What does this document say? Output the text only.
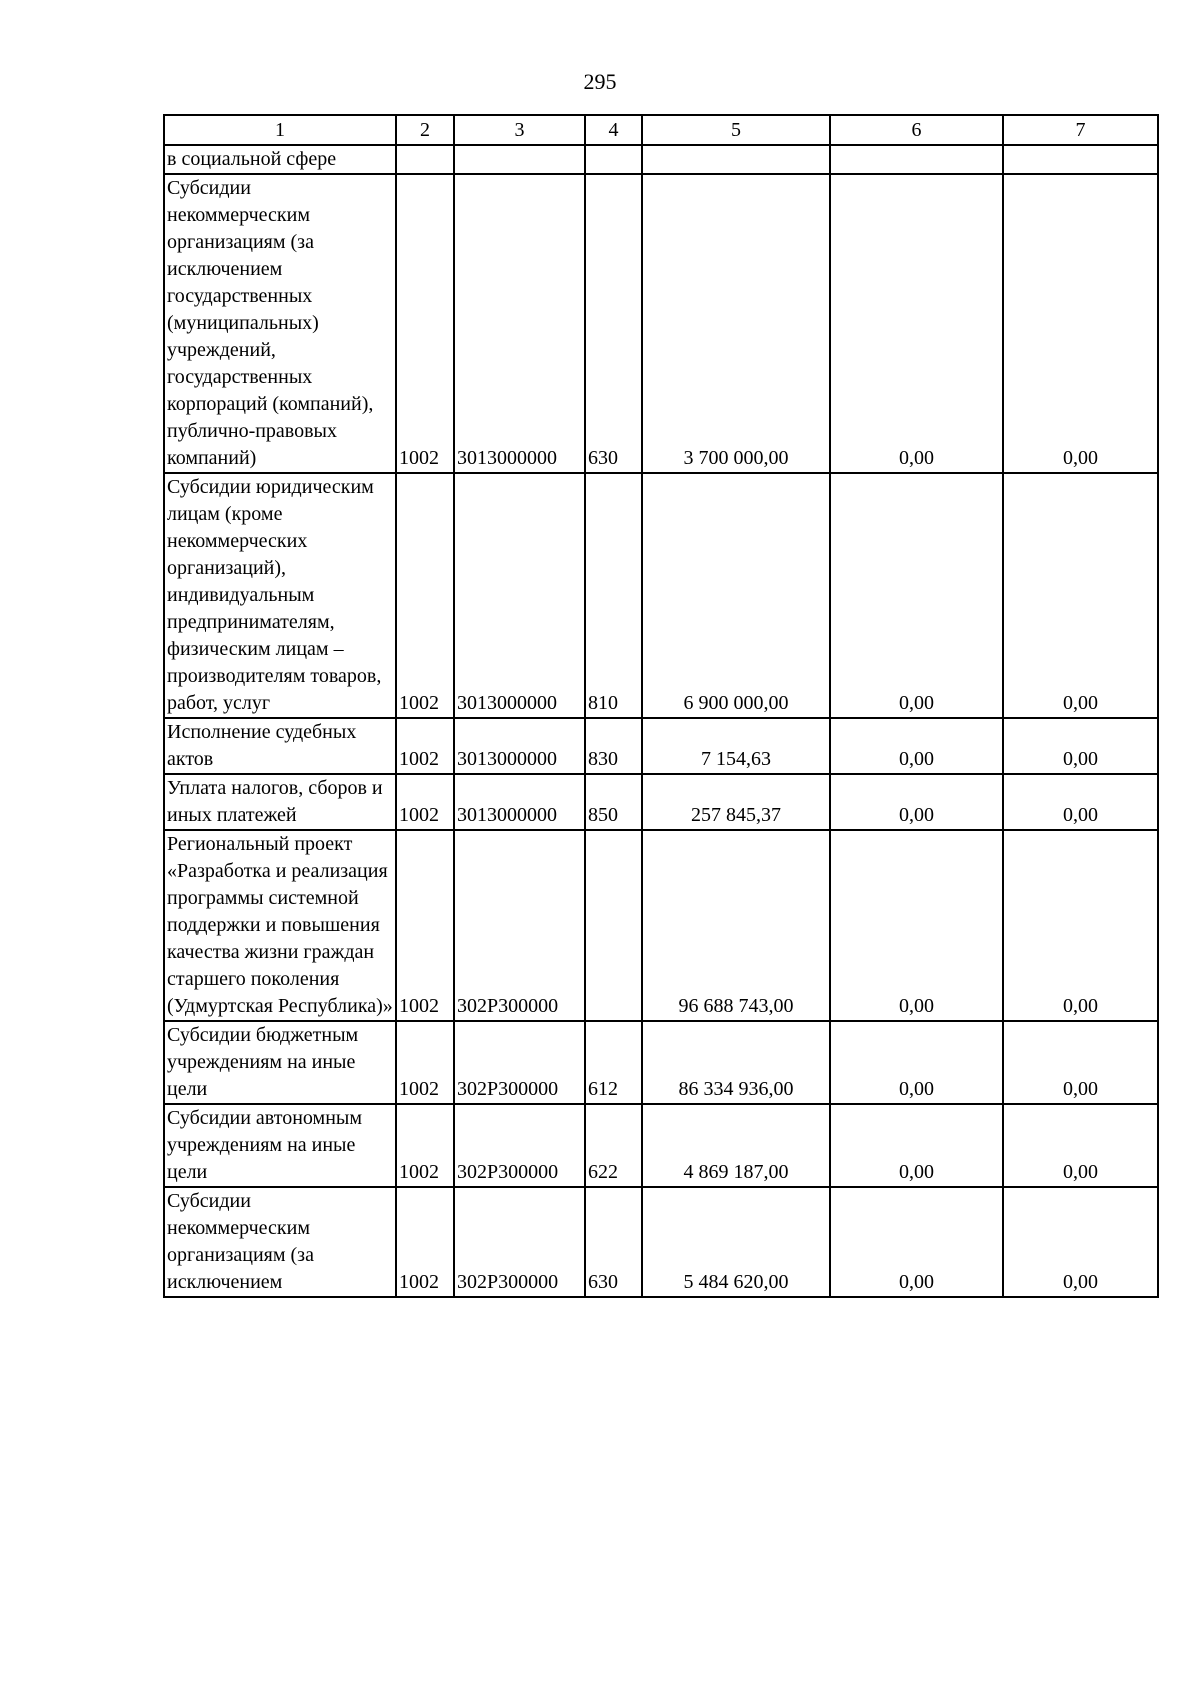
295
1	2	3	4	5	6	7
в социальной сфере						
Субсидии некоммерческим организациям (за исключением государственных (муниципальных) учреждений, государственных корпораций (компаний), публично-правовых компаний)	1002	3013000000	630	3 700 000,00	0,00	0,00
Субсидии юридическим лицам (кроме некоммерческих организаций), индивидуальным предпринимателям, физическим лицам – производителям товаров, работ, услуг	1002	3013000000	810	6 900 000,00	0,00	0,00
Исполнение судебных актов	1002	3013000000	830	7 154,63	0,00	0,00
Уплата налогов, сборов и иных платежей	1002	3013000000	850	257 845,37	0,00	0,00
Региональный проект «Разработка и реализация программы системной поддержки и повышения качества жизни граждан старшего поколения (Удмуртская Республика)»	1002	302P300000		96 688 743,00	0,00	0,00
Субсидии бюджетным учреждениям на иные цели	1002	302P300000	612	86 334 936,00	0,00	0,00
Субсидии автономным учреждениям на иные цели	1002	302P300000	622	4 869 187,00	0,00	0,00
Субсидии некоммерческим организациям (за исключением	1002	302P300000	630	5 484 620,00	0,00	0,00
